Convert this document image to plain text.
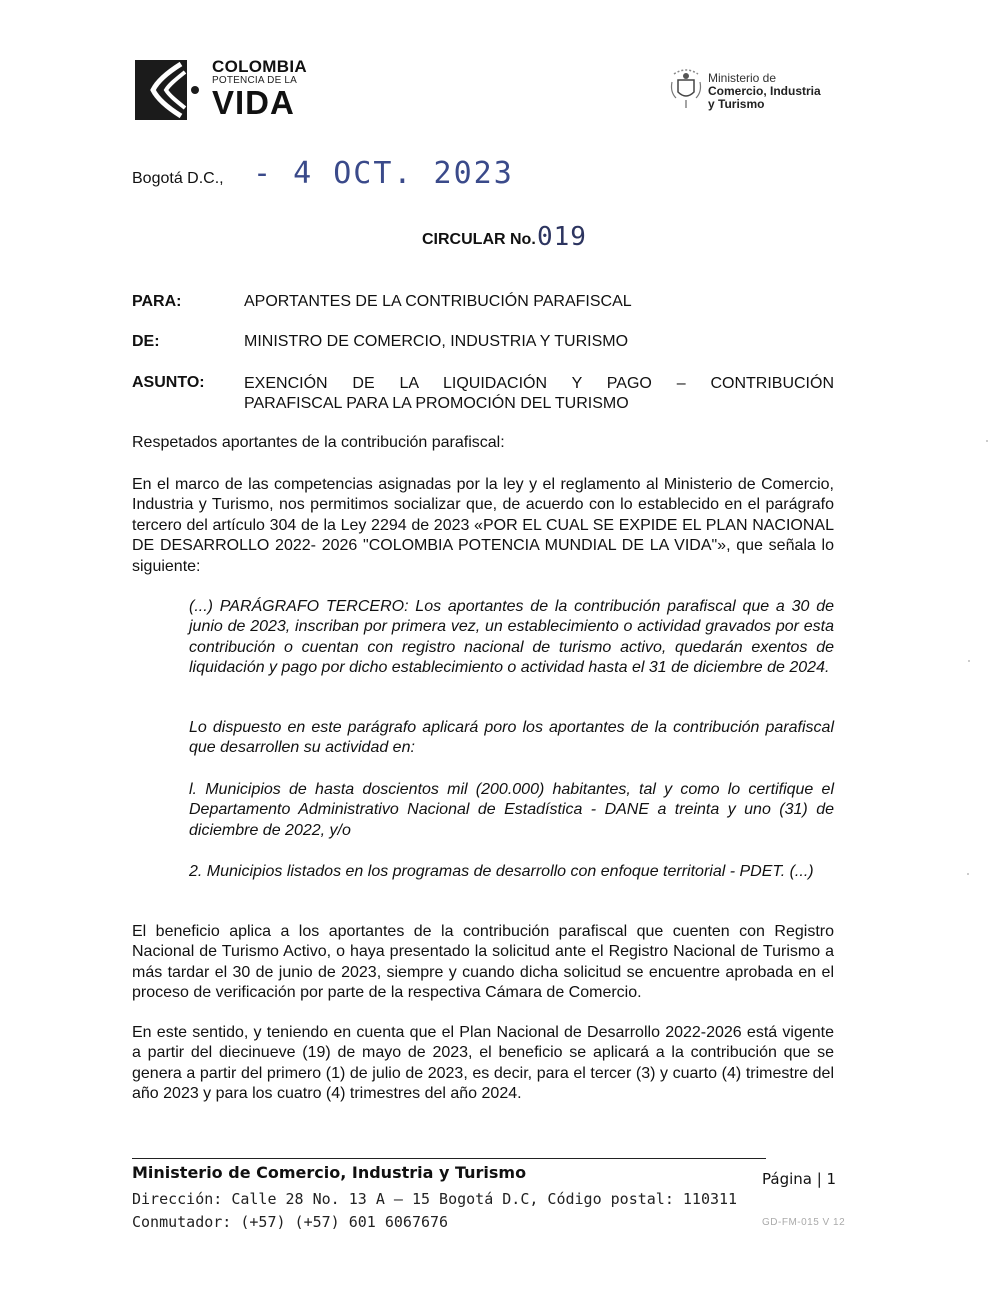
COLOMBIA
POTENCIA DE LA
VIDA
Ministerio de
Comercio, Industria
y Turismo
Bogotá D.C., - 4 OCT. 2023
CIRCULAR No. 019
PARA:	APORTANTES DE LA CONTRIBUCIÓN PARAFISCAL
DE:	MINISTRO DE COMERCIO, INDUSTRIA Y TURISMO
ASUNTO: EXENCIÓN DE LA LIQUIDACIÓN Y PAGO – CONTRIBUCIÓN
PARAFISCAL PARA LA PROMOCIÓN DEL TURISMO
Respetados aportantes de la contribución parafiscal:
En el marco de las competencias asignadas por la ley y el reglamento al Ministerio de Comercio, Industria y Turismo, nos permitimos socializar que, de acuerdo con lo establecido en el parágrafo tercero del artículo 304 de la Ley 2294 de 2023 «POR EL CUAL SE EXPIDE EL PLAN NACIONAL DE DESARROLLO 2022- 2026 "COLOMBIA POTENCIA MUNDIAL DE LA VIDA"», que señala lo siguiente:
(...) PARÁGRAFO TERCERO: Los aportantes de la contribución parafiscal que a 30 de junio de 2023, inscriban por primera vez, un establecimiento o actividad gravados por esta contribución o cuentan con registro nacional de turismo activo, quedarán exentos de liquidación y pago por dicho establecimiento o actividad hasta el 31 de diciembre de 2024.
Lo dispuesto en este parágrafo aplicará poro los aportantes de la contribución parafiscal que desarrollen su actividad en:
l. Municipios de hasta doscientos mil (200.000) habitantes, tal y como lo certifique el Departamento Administrativo Nacional de Estadística - DANE a treinta y uno (31) de diciembre de 2022, y/o
2. Municipios listados en los programas de desarrollo con enfoque territorial - PDET. (...)
El beneficio aplica a los aportantes de la contribución parafiscal que cuenten con Registro Nacional de Turismo Activo, o haya presentado la solicitud ante el Registro Nacional de Turismo a más tardar el 30 de junio de 2023, siempre y cuando dicha solicitud se encuentre aprobada en el proceso de verificación por parte de la respectiva Cámara de Comercio.
En este sentido, y teniendo en cuenta que el Plan Nacional de Desarrollo 2022-2026 está vigente a partir del diecinueve (19) de mayo de 2023, el beneficio se aplicará a la contribución que se genera a partir del primero (1) de julio de 2023, es decir, para el tercer (3) y cuarto (4) trimestre del año 2023 y para los cuatro (4) trimestres del año 2024.
Ministerio de Comercio, Industria y Turismo
Dirección: Calle 28 No. 13 A – 15 Bogotá D.C, Código postal: 110311
Conmutador: (+57) (+57) 601 6067676
Página | 1
GD-FM-015 V 12
